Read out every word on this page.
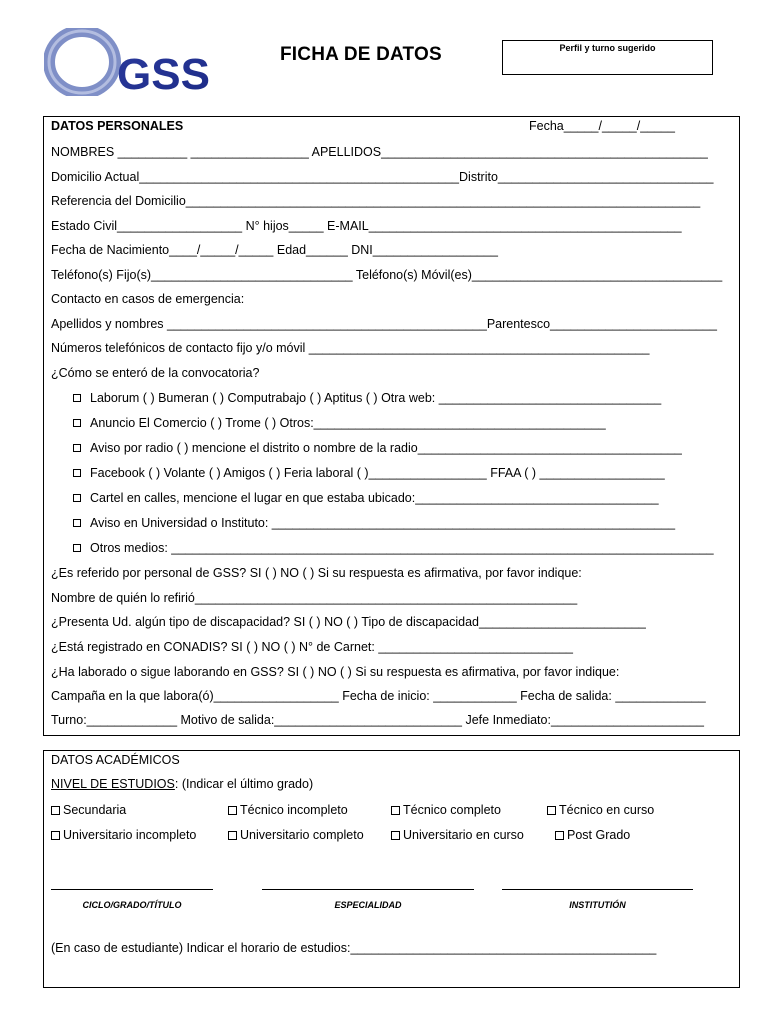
GSS	FICHA DE DATOS	Perfil y turno sugerido
DATOS PERSONALES	Fecha_____/_____/_____
NOMBRES __________ _________________ APELLIDOS_______________________________________________
Domicilio Actual______________________________________________Distrito_______________________________
Referencia del Domicilio__________________________________________________________________________
Estado Civil__________________ N° hijos_____ E-MAIL_____________________________________________
Fecha de Nacimiento____/_____/_____ Edad______ DNI__________________
Teléfono(s) Fijo(s)_____________________________ Teléfono(s) Móvil(es)____________________________________
Contacto en casos de emergencia:
Apellidos y nombres ______________________________________________Parentesco________________________
Números telefónicos de contacto fijo y/o móvil _________________________________________________
¿Cómo se enteró de la convocatoria?
Laborum ( ) Bumeran ( ) Computrabajo ( ) Aptitus ( ) Otra web: ________________________________
Anuncio El Comercio ( ) Trome ( ) Otros:__________________________________________
Aviso por radio ( ) mencione el distrito o nombre de la radio______________________________________
Facebook ( ) Volante ( ) Amigos ( ) Feria laboral ( )_________________ FFAA ( ) __________________
Cartel en calles, mencione el lugar en que estaba ubicado:___________________________________
Aviso en Universidad o Instituto: __________________________________________________________
Otros medios: ______________________________________________________________________________
¿Es referido por personal de GSS? SI ( ) NO ( ) Si su respuesta es afirmativa, por favor indique:
Nombre de quién lo refirió_______________________________________________________
¿Presenta Ud. algún tipo de discapacidad? SI ( ) NO ( ) Tipo de discapacidad________________________
¿Está registrado en CONADIS? SI ( ) NO ( ) N° de Carnet: ____________________________
¿Ha laborado o sigue laborando en GSS? SI ( ) NO ( ) Si su respuesta es afirmativa, por favor indique:
Campaña en la que labora(ó)__________________ Fecha de inicio: ____________ Fecha de salida: _____________
Turno:_____________ Motivo de salida:___________________________ Jefe Inmediato:______________________
DATOS ACADÉMICOS
NIVEL DE ESTUDIOS: (Indicar el último grado)
Secundaria	Técnico incompleto	Técnico completo	Técnico en curso
Universitario incompleto	Universitario completo	Universitario en curso	Post Grado
CICLO/GRADO/TÍTULO	ESPECIALIDAD	INSTITUTIÓN
(En caso de estudiante) Indicar el horario de estudios:____________________________________________
